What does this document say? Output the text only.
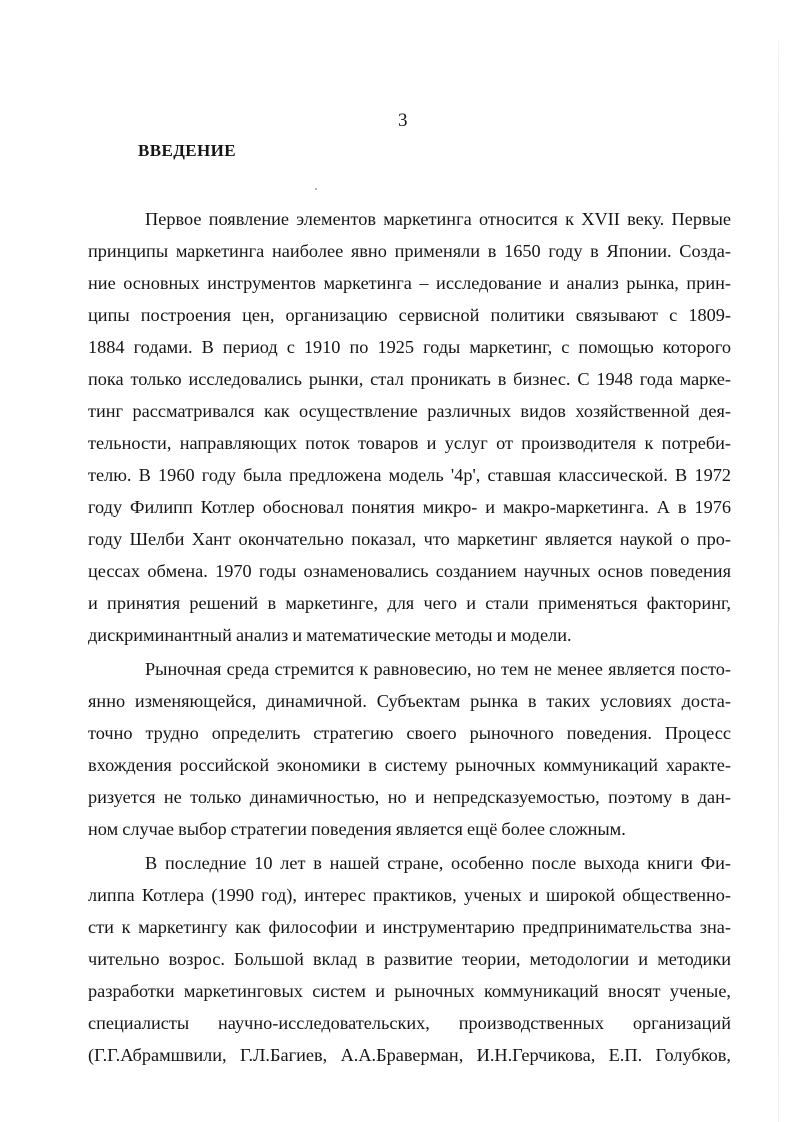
3
ВВЕДЕНИЕ
Первое появление элементов маркетинга относится к XVII веку. Первые
принципы маркетинга наиболее явно применяли в 1650 году в Японии. Созда-
ние основных инструментов маркетинга – исследование и анализ рынка, прин-
ципы построения цен, организацию сервисной политики связывают с 1809-
1884 годами. В период с 1910 по 1925 годы маркетинг, с помощью которого
пока только исследовались рынки, стал проникать в бизнес. С 1948 года марке-
тинг рассматривался как осуществление различных видов хозяйственной дея-
тельности, направляющих поток товаров и услуг от производителя к потреби-
телю. В 1960 году была предложена модель '4р', ставшая классической. В 1972
году Филипп Котлер обосновал понятия микро- и макро-маркетинга. А в 1976
году Шелби Хант окончательно показал, что маркетинг является наукой о про-
цессах обмена. 1970 годы ознаменовались созданием научных основ поведения
и принятия решений в маркетинге, для чего и стали применяться факторинг,
дискриминантный анализ и математические методы и модели.
Рыночная среда стремится к равновесию, но тем не менее является посто-
янно изменяющейся, динамичной. Субъектам рынка в таких условиях доста-
точно трудно определить стратегию своего рыночного поведения. Процесс
вхождения российской экономики в систему рыночных коммуникаций характе-
ризуется не только динамичностью, но и непредсказуемостью, поэтому в дан-
ном случае выбор стратегии поведения является ещё более сложным.
В последние 10 лет в нашей стране, особенно после выхода книги Фи-
липпа Котлера (1990 год), интерес практиков, ученых и широкой общественно-
сти к маркетингу как философии и инструментарию предпринимательства зна-
чительно возрос. Большой вклад в развитие теории, методологии и методики
разработки маркетинговых систем и рыночных коммуникаций вносят ученые,
специалисты научно-исследовательских, производственных организаций
(Г.Г.Абрамшвили, Г.Л.Багиев, А.А.Браверман, И.Н.Герчикова, Е.П. Голубков,
